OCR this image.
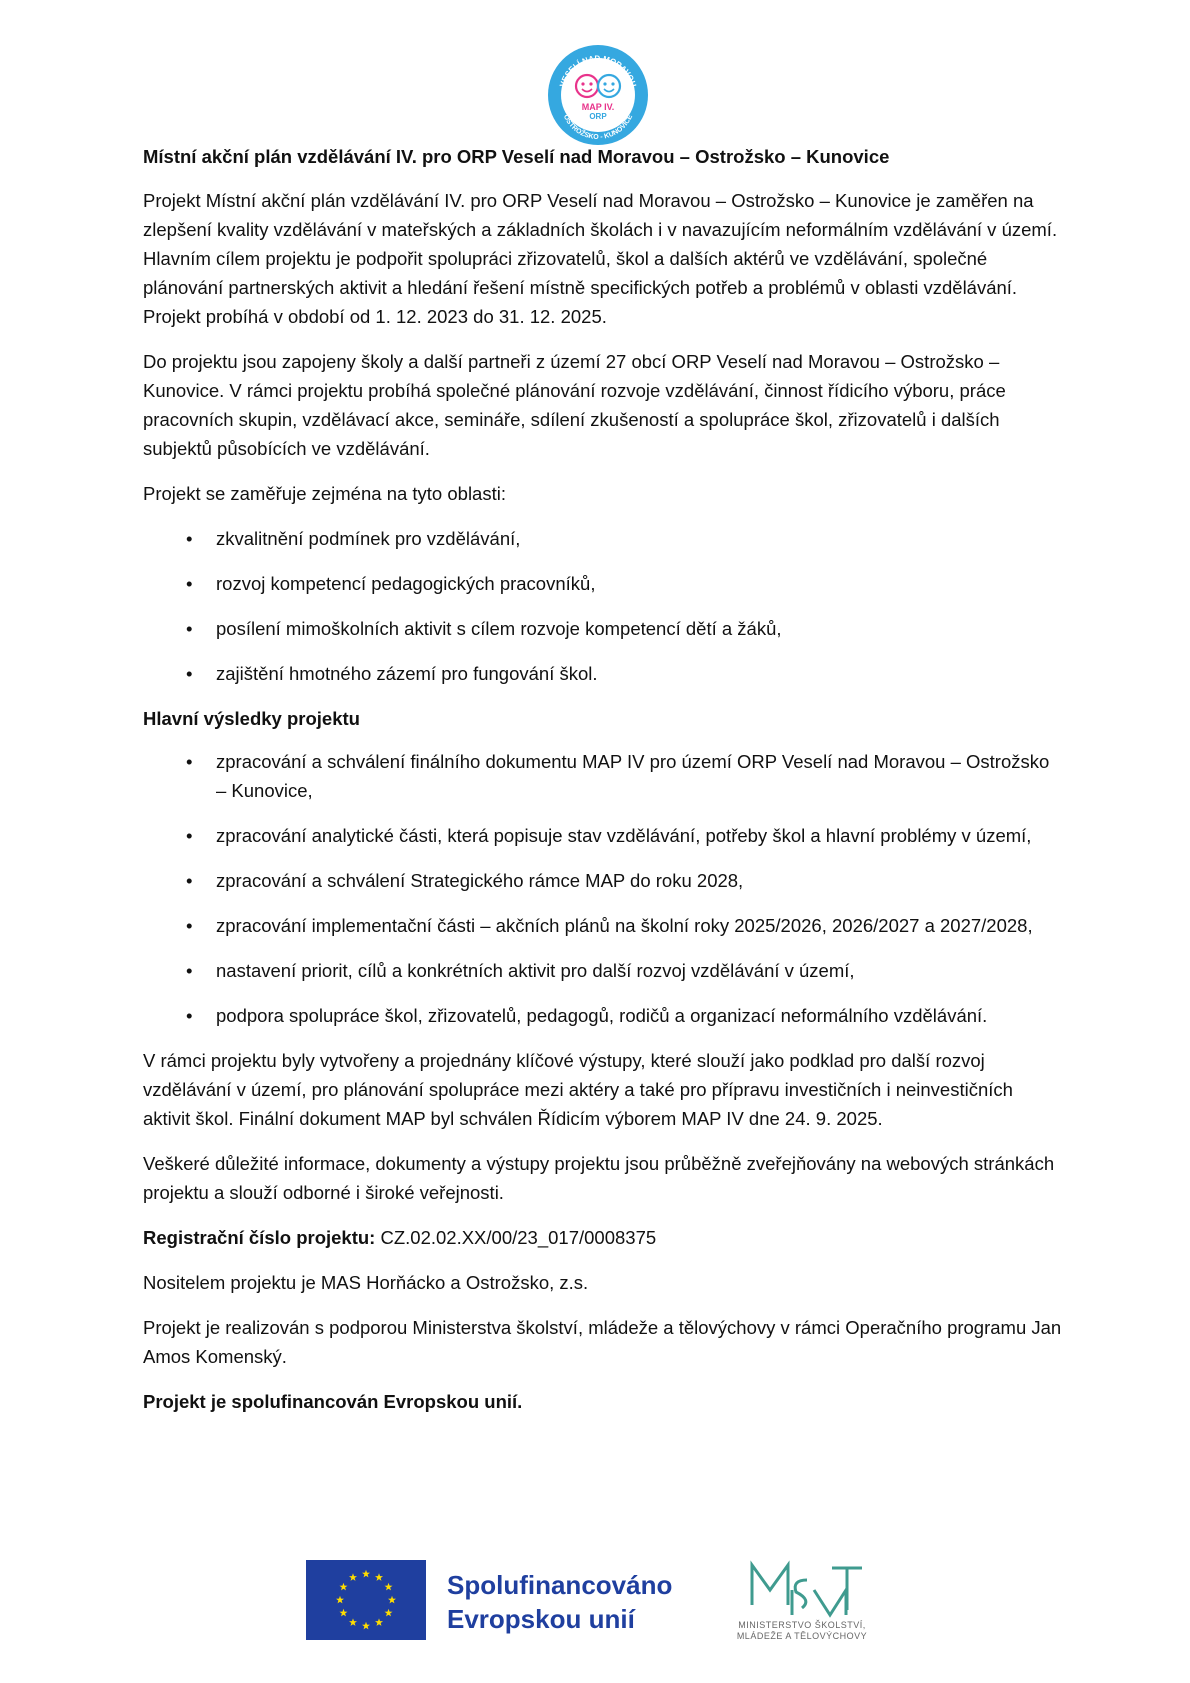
VESELÍ NAD MORAVOU
OSTROŽSKO - KUNOVICE
MAP IV.
ORP
Místní akční plán vzdělávání IV. pro ORP Veselí nad Moravou – Ostrožsko – Kunovice

Projekt Místní akční plán vzdělávání IV. pro ORP Veselí nad Moravou – Ostrožsko – Kunovice je zaměřen na zlepšení kvality vzdělávání v mateřských a základních školách i v navazujícím neformálním vzdělávání v území. Hlavním cílem projektu je podpořit spolupráci zřizovatelů, škol a dalších aktérů ve vzdělávání, společné plánování partnerských aktivit a hledání řešení místně specifických potřeb a problémů v oblasti vzdělávání. Projekt probíhá v období od 1. 12. 2023 do 31. 12. 2025.

Do projektu jsou zapojeny školy a další partneři z území 27 obcí ORP Veselí nad Moravou – Ostrožsko – Kunovice. V rámci projektu probíhá společné plánování rozvoje vzdělávání, činnost řídicího výboru, práce pracovních skupin, vzdělávací akce, semináře, sdílení zkušeností a spolupráce škol, zřizovatelů i dalších subjektů působících ve vzdělávání.

Projekt se zaměřuje zejména na tyto oblasti:

• zkvalitnění podmínek pro vzdělávání,
• rozvoj kompetencí pedagogických pracovníků,
• posílení mimoškolních aktivit s cílem rozvoje kompetencí dětí a žáků,
• zajištění hmotného zázemí pro fungování škol.
Hlavní výsledky projektu
• zpracování a schválení finálního dokumentu MAP IV pro území ORP Veselí nad Moravou – Ostrožsko – Kunovice,
• zpracování analytické části, která popisuje stav vzdělávání, potřeby škol a hlavní problémy v území,
• zpracování a schválení Strategického rámce MAP do roku 2028,
• zpracování implementační části – akčních plánů na školní roky 2025/2026, 2026/2027 a 2027/2028,
• nastavení priorit, cílů a konkrétních aktivit pro další rozvoj vzdělávání v území,
• podpora spolupráce škol, zřizovatelů, pedagogů, rodičů a organizací neformálního vzdělávání.

V rámci projektu byly vytvořeny a projednány klíčové výstupy, které slouží jako podklad pro další rozvoj vzdělávání v území, pro plánování spolupráce mezi aktéry a také pro přípravu investičních i neinvestičních aktivit škol. Finální dokument MAP byl schválen Řídicím výborem MAP IV dne 24. 9. 2025.

Veškeré důležité informace, dokumenty a výstupy projektu jsou průběžně zveřejňovány na webových stránkách projektu a slouží odborné i široké veřejnosti.

Registrační číslo projektu: CZ.02.02.XX/00/23_017/0008375

Nositelem projektu je MAS Horňácko a Ostrožsko, z.s.

Projekt je realizován s podporou Ministerstva školství, mládeže a tělovýchovy v rámci Operačního programu Jan Amos Komenský.

Projekt je spolufinancován Evropskou unií.

Spolufinancováno
Evropskou unií	MINISTERSTVO ŠKOLSTVÍ,
MLÁDEŽE A TĚLOVÝCHOVY
